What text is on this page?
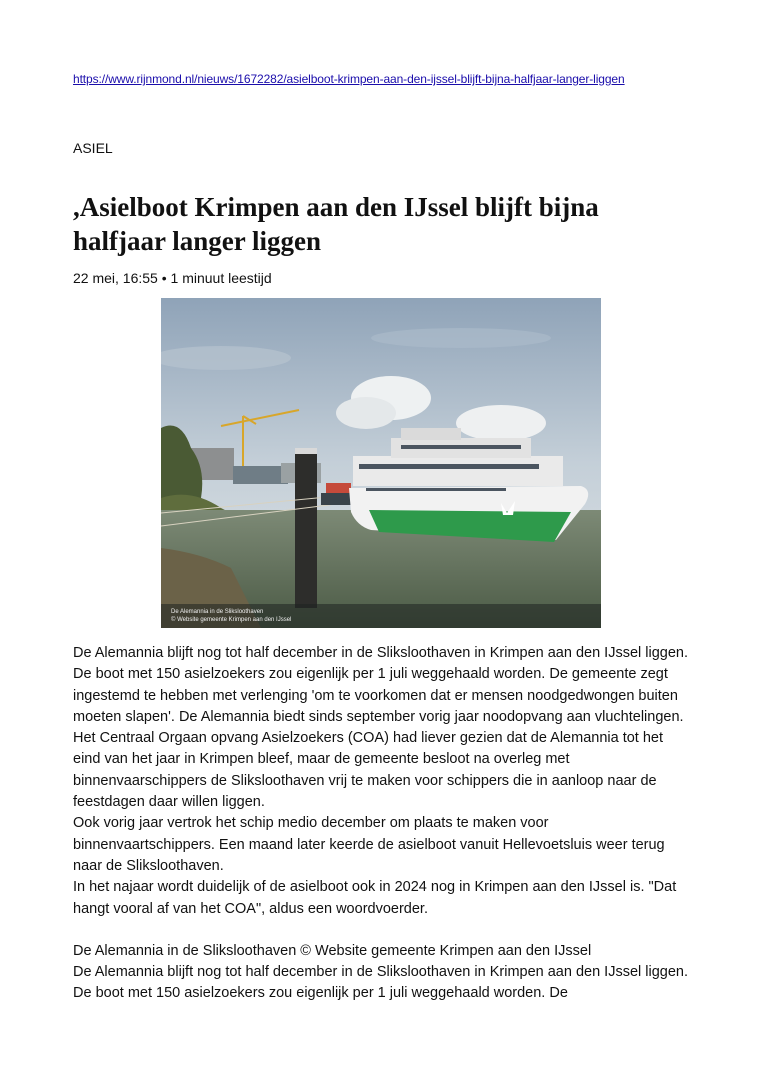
https://www.rijnmond.nl/nieuws/1672282/asielboot-krimpen-aan-den-ijssel-blijft-bijna-halfjaar-langer-liggen
ASIEL
,Asielboot Krimpen aan den IJssel blijft bijna halfjaar langer liggen
22 mei, 16:55 • 1 minuut leestijd
De Alemannia in de Sliksloothaven
© Website gemeente Krimpen aan den IJssel

De Alemannia blijft nog tot half december in de Sliksloothaven in Krimpen aan den IJssel liggen. De boot met 150 asielzoekers zou eigenlijk per 1 juli weggehaald worden. De gemeente zegt ingestemd te hebben met verlenging 'om te voorkomen dat er mensen noodgedwongen buiten moeten slapen'. De Alemannia biedt sinds september vorig jaar noodopvang aan vluchtelingen.

Het Centraal Orgaan opvang Asielzoekers (COA) had liever gezien dat de Alemannia tot het eind van het jaar in Krimpen bleef, maar de gemeente besloot na overleg met binnenvaarschippers de Sliksloothaven vrij te maken voor schippers die in aanloop naar de feestdagen daar willen liggen.

Ook vorig jaar vertrok het schip medio december om plaats te maken voor binnenvaartschippers. Een maand later keerde de asielboot vanuit Hellevoetsluis weer terug naar de Sliksloothaven.

In het najaar wordt duidelijk of de asielboot ook in 2024 nog in Krimpen aan den IJssel is. "Dat hangt vooral af van het COA", aldus een woordvoerder.

De Alemannia in de Sliksloothaven © Website gemeente Krimpen aan den IJssel

De Alemannia blijft nog tot half december in de Sliksloothaven in Krimpen aan den IJssel liggen. De boot met 150 asielzoekers zou eigenlijk per 1 juli weggehaald worden. De
